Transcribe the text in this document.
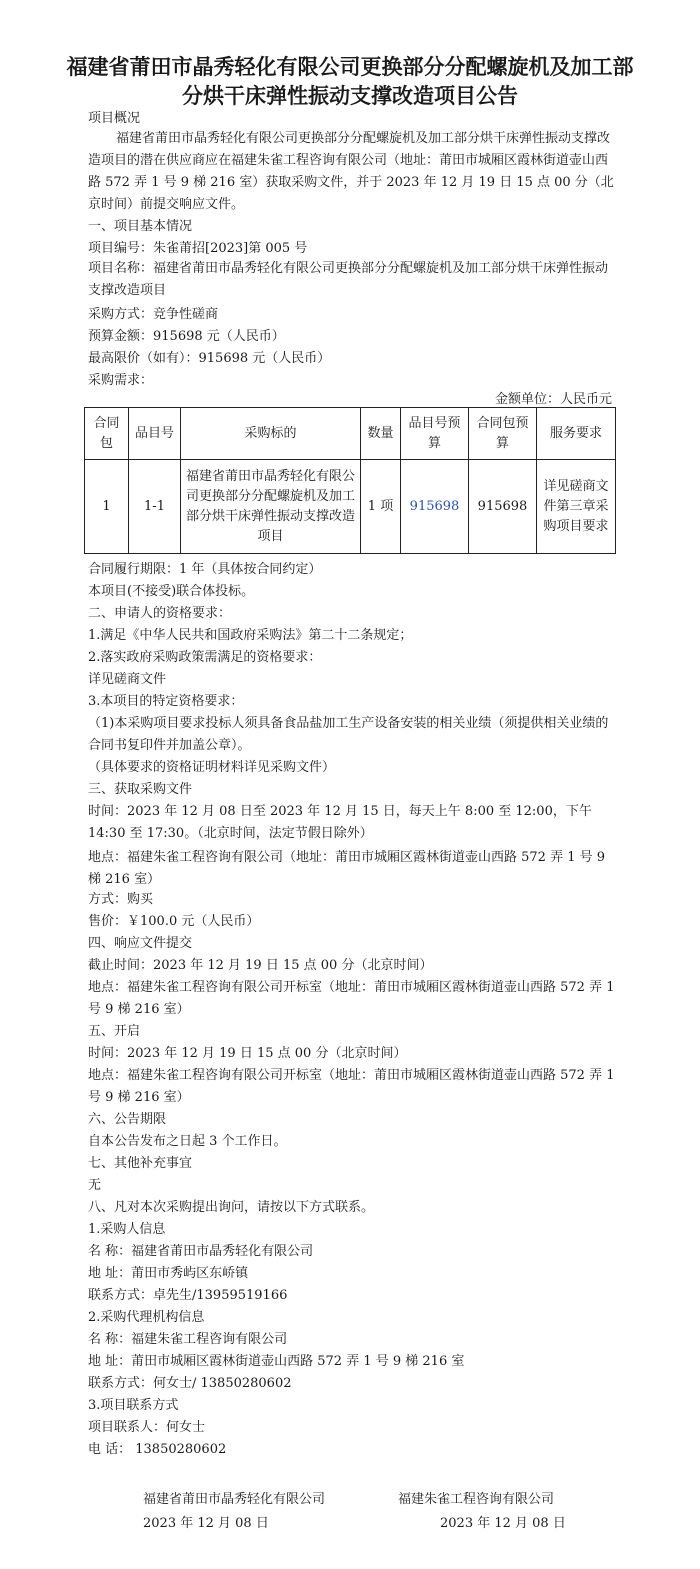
福建省莆田市晶秀轻化有限公司更换部分分配螺旋机及加工部分烘干床弹性振动支撑改造项目公告
项目概况
福建省莆田市晶秀轻化有限公司更换部分分配螺旋机及加工部分烘干床弹性振动支撑改造项目的潜在供应商应在福建朱雀工程咨询有限公司（地址：莆田市城厢区霞林街道壶山西路 572 弄 1 号 9 梯 216 室）获取采购文件，并于 2023 年 12 月 19 日 15 点 00 分（北京时间）前提交响应文件。
一、项目基本情况
项目编号：朱雀莆招[2023]第 005 号
项目名称：福建省莆田市晶秀轻化有限公司更换部分分配螺旋机及加工部分烘干床弹性振动支撑改造项目
采购方式：竞争性磋商
预算金额：915698 元（人民币）
最高限价（如有）：915698 元（人民币）
采购需求：
金额单位：人民币元
合同包	品目号	采购标的	数量	品目号预算	合同包预算	服务要求
1	1-1	福建省莆田市晶秀轻化有限公司更换部分分配螺旋机及加工部分烘干床弹性振动支撑改造项目	1 项	915698	915698	详见磋商文件第三章采购项目要求
合同履行期限：1 年（具体按合同约定）
本项目(不接受)联合体投标。
二、申请人的资格要求：
1.满足《中华人民共和国政府采购法》第二十二条规定；
2.落实政府采购政策需满足的资格要求：
详见磋商文件
3.本项目的特定资格要求：
（1)本采购项目要求投标人须具备食品盐加工生产设备安装的相关业绩（须提供相关业绩的合同书复印件并加盖公章）。
（具体要求的资格证明材料详见采购文件）
三、获取采购文件
时间：2023 年 12 月 08 日至 2023 年 12 月 15 日，每天上午 8:00 至 12:00，下午 14:30 至 17:30。（北京时间，法定节假日除外）
地点：福建朱雀工程咨询有限公司（地址：莆田市城厢区霞林街道壶山西路 572 弄 1 号 9 梯 216 室）
方式：购买
售价：￥100.0 元（人民币）
四、响应文件提交
截止时间：2023 年 12 月 19 日 15 点 00 分（北京时间）
地点：福建朱雀工程咨询有限公司开标室（地址：莆田市城厢区霞林街道壶山西路 572 弄 1 号 9 梯 216 室）
五、开启
时间：2023 年 12 月 19 日 15 点 00 分（北京时间）
地点：福建朱雀工程咨询有限公司开标室（地址：莆田市城厢区霞林街道壶山西路 572 弄 1 号 9 梯 216 室）
六、公告期限
自本公告发布之日起 3 个工作日。
七、其他补充事宜
无
八、凡对本次采购提出询问，请按以下方式联系。
1.采购人信息
名 称：福建省莆田市晶秀轻化有限公司
地 址：莆田市秀屿区东峤镇
联系方式：卓先生/13959519166
2.采购代理机构信息
名 称：福建朱雀工程咨询有限公司
地 址：莆田市城厢区霞林街道壶山西路 572 弄 1 号 9 梯 216 室
联系方式：何女士/ 13850280602
3.项目联系方式
项目联系人：何女士
电 话： 13850280602
福建省莆田市晶秀轻化有限公司
2023 年 12 月 08 日
福建朱雀工程咨询有限公司
2023 年 12 月 08 日
